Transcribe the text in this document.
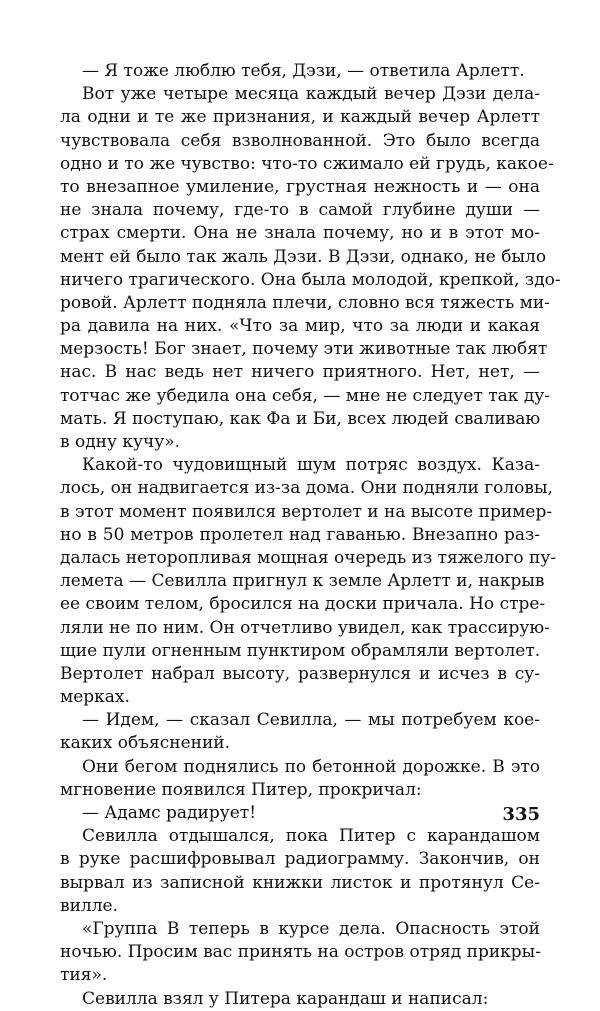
— Я тоже люблю тебя, Дэзи, — ответила Арлетт.
Вот уже четыре месяца каждый вечер Дэзи дела-
ла одни и те же признания, и каждый вечер Арлетт
чувствовала себя взволнованной. Это было всегда
одно и то же чувство: что-то сжимало ей грудь, какое-
то внезапное умиление, грустная нежность и — она
не знала почему, где-то в самой глубине души —
страх смерти. Она не знала почему, но и в этот мо-
мент ей было так жаль Дэзи. В Дэзи, однако, не было
ничего трагического. Она была молодой, крепкой, здо-
ровой. Арлетт подняла плечи, словно вся тяжесть ми-
ра давила на них. «Что за мир, что за люди и какая
мерзость! Бог знает, почему эти животные так любят
нас. В нас ведь нет ничего приятного. Нет, нет, —
тотчас же убедила она себя, — мне не следует так ду-
мать. Я поступаю, как Фа и Би, всех людей сваливаю
в одну кучу».
Какой-то чудовищный шум потряс воздух. Каза-
лось, он надвигается из-за дома. Они подняли головы,
в этот момент появился вертолет и на высоте пример-
но в 50 метров пролетел над гаванью. Внезапно раз-
далась неторопливая мощная очередь из тяжелого пу-
лемета — Севилла пригнул к земле Арлетт и, накрыв
ее своим телом, бросился на доски причала. Но стре-
ляли не по ним. Он отчетливо увидел, как трассирую-
щие пули огненным пунктиром обрамляли вертолет.
Вертолет набрал высоту, развернулся и исчез в су-
мерках.
— Идем, — сказал Севилла, — мы потребуем кое-
каких объяснений.
Они бегом поднялись по бетонной дорожке. В это
мгновение появился Питер, прокричал:
— Адамс радирует!
Севилла отдышался, пока Питер с карандашом
в руке расшифровывал радиограмму. Закончив, он
вырвал из записной книжки листок и протянул Се-
вилле.
«Группа В теперь в курсе дела. Опасность этой
ночью. Просим вас принять на остров отряд прикры-
тия».
Севилла взял у Питера карандаш и написал:
335
